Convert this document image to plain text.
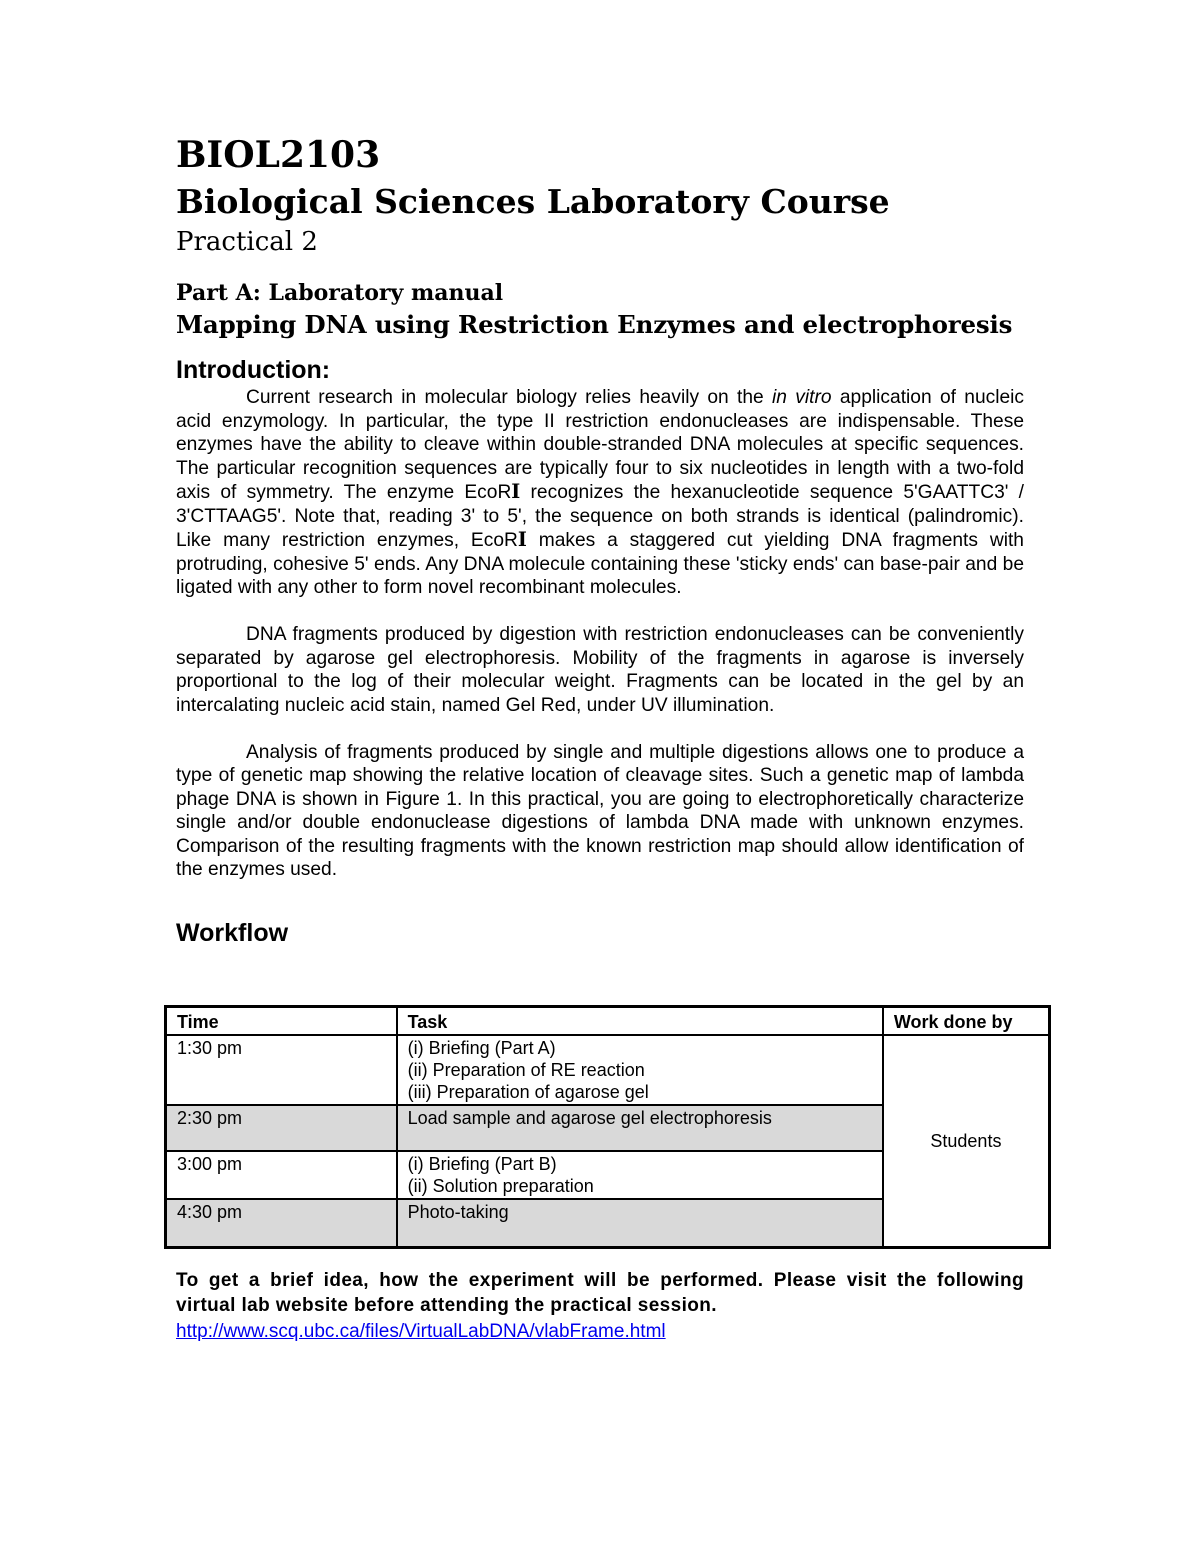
BIOL2103
Biological Sciences Laboratory Course
Practical 2
Part A: Laboratory manual
Mapping DNA using Restriction Enzymes and electrophoresis
Introduction:

Current research in molecular biology relies heavily on the in vitro application of nucleic acid enzymology. In particular, the type II restriction endonucleases are indispensable. These enzymes have the ability to cleave within double-stranded DNA molecules at specific sequences. The particular recognition sequences are typically four to six nucleotides in length with a two-fold axis of symmetry. The enzyme EcoRI recognizes the hexanucleotide sequence 5'GAATTC3' / 3'CTTAAG5'. Note that, reading 3' to 5', the sequence on both strands is identical (palindromic). Like many restriction enzymes, EcoRI makes a staggered cut yielding DNA fragments with protruding, cohesive 5' ends. Any DNA molecule containing these 'sticky ends' can base-pair and be ligated with any other to form novel recombinant molecules.

DNA fragments produced by digestion with restriction endonucleases can be conveniently separated by agarose gel electrophoresis. Mobility of the fragments in agarose is inversely proportional to the log of their molecular weight. Fragments can be located in the gel by an intercalating nucleic acid stain, named Gel Red, under UV illumination.

Analysis of fragments produced by single and multiple digestions allows one to produce a type of genetic map showing the relative location of cleavage sites. Such a genetic map of lambda phage DNA is shown in Figure 1. In this practical, you are going to electrophoretically characterize single and/or double endonuclease digestions of lambda DNA made with unknown enzymes. Comparison of the resulting fragments with the known restriction map should allow identification of the enzymes used.

Workflow
Time	Task	Work done by
1:30 pm	(i) Briefing (Part A)
(ii) Preparation of RE reaction
(iii) Preparation of agarose gel	Students
2:30 pm	Load sample and agarose gel electrophoresis	

3:00 pm	(i) Briefing (Part B)
(ii) Solution preparation	

4:30 pm	Photo-taking	

To get a brief idea, how the experiment will be performed. Please visit the following virtual lab website before attending the practical session.

http://www.scq.ubc.ca/files/VirtualLabDNA/vlabFrame.html
